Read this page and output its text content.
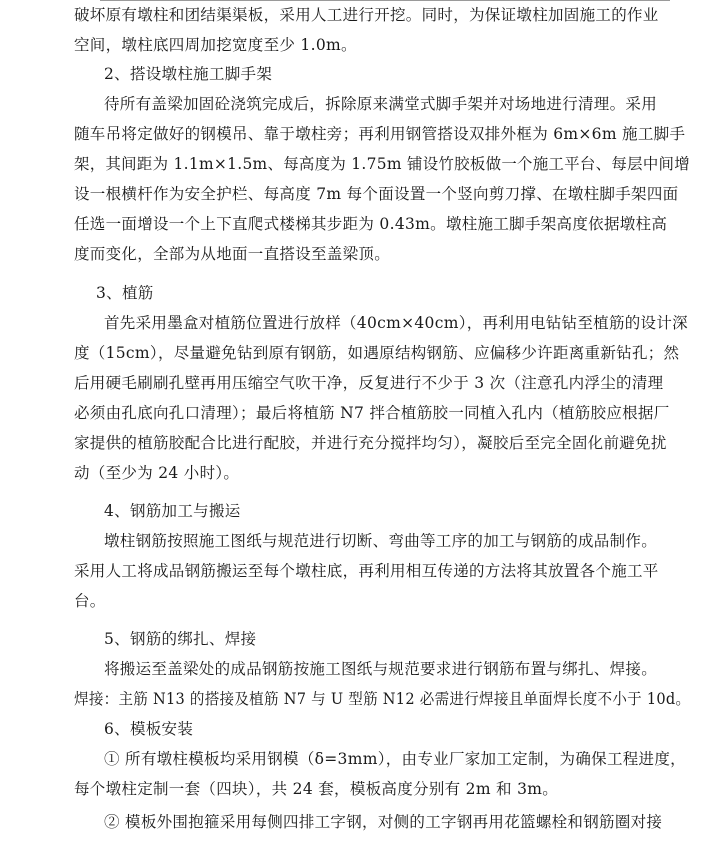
破坏原有墩柱和团结渠渠板，采用人工进行开挖。同时，为保证墩柱加固施工的作业
空间，墩柱底四周加挖宽度至少 1.0m。
2、搭设墩柱施工脚手架
待所有盖梁加固砼浇筑完成后，拆除原来满堂式脚手架并对场地进行清理。采用
随车吊将定做好的钢模吊、靠于墩柱旁；再利用钢管搭设双排外框为 6m×6m 施工脚手
架，其间距为 1.1m×1.5m、每高度为 1.75m 铺设竹胶板做一个施工平台、每层中间增
设一根横杆作为安全护栏、每高度 7m 每个面设置一个竖向剪刀撑、在墩柱脚手架四面
任选一面增设一个上下直爬式楼梯其步距为 0.43m。墩柱施工脚手架高度依据墩柱高
度而变化，全部为从地面一直搭设至盖梁顶。
3、植筋
首先采用墨盒对植筋位置进行放样（40cm×40cm），再利用电钻钻至植筋的设计深
度（15cm），尽量避免钻到原有钢筋，如遇原结构钢筋、应偏移少许距离重新钻孔；然
后用硬毛刷刷孔壁再用压缩空气吹干净，反复进行不少于 3 次（注意孔内浮尘的清理
必须由孔底向孔口清理）；最后将植筋 N7 拌合植筋胶一同植入孔内（植筋胶应根据厂
家提供的植筋胶配合比进行配胶，并进行充分搅拌均匀），凝胶后至完全固化前避免扰
动（至少为 24 小时）。
4、钢筋加工与搬运
墩柱钢筋按照施工图纸与规范进行切断、弯曲等工序的加工与钢筋的成品制作。
采用人工将成品钢筋搬运至每个墩柱底，再利用相互传递的方法将其放置各个施工平
台。
5、钢筋的绑扎、焊接
将搬运至盖梁处的成品钢筋按施工图纸与规范要求进行钢筋布置与绑扎、焊接。
焊接：主筋 N13 的搭接及植筋 N7 与 U 型筋 N12 必需进行焊接且单面焊长度不小于 10d。
6、模板安装
① 所有墩柱模板均采用钢模（δ=3mm），由专业厂家加工定制，为确保工程进度，
每个墩柱定制一套（四块），共 24 套，模板高度分别有 2m 和 3m。
② 模板外围抱箍采用每侧四排工字钢，对侧的工字钢再用花篮螺栓和钢筋圈对接
